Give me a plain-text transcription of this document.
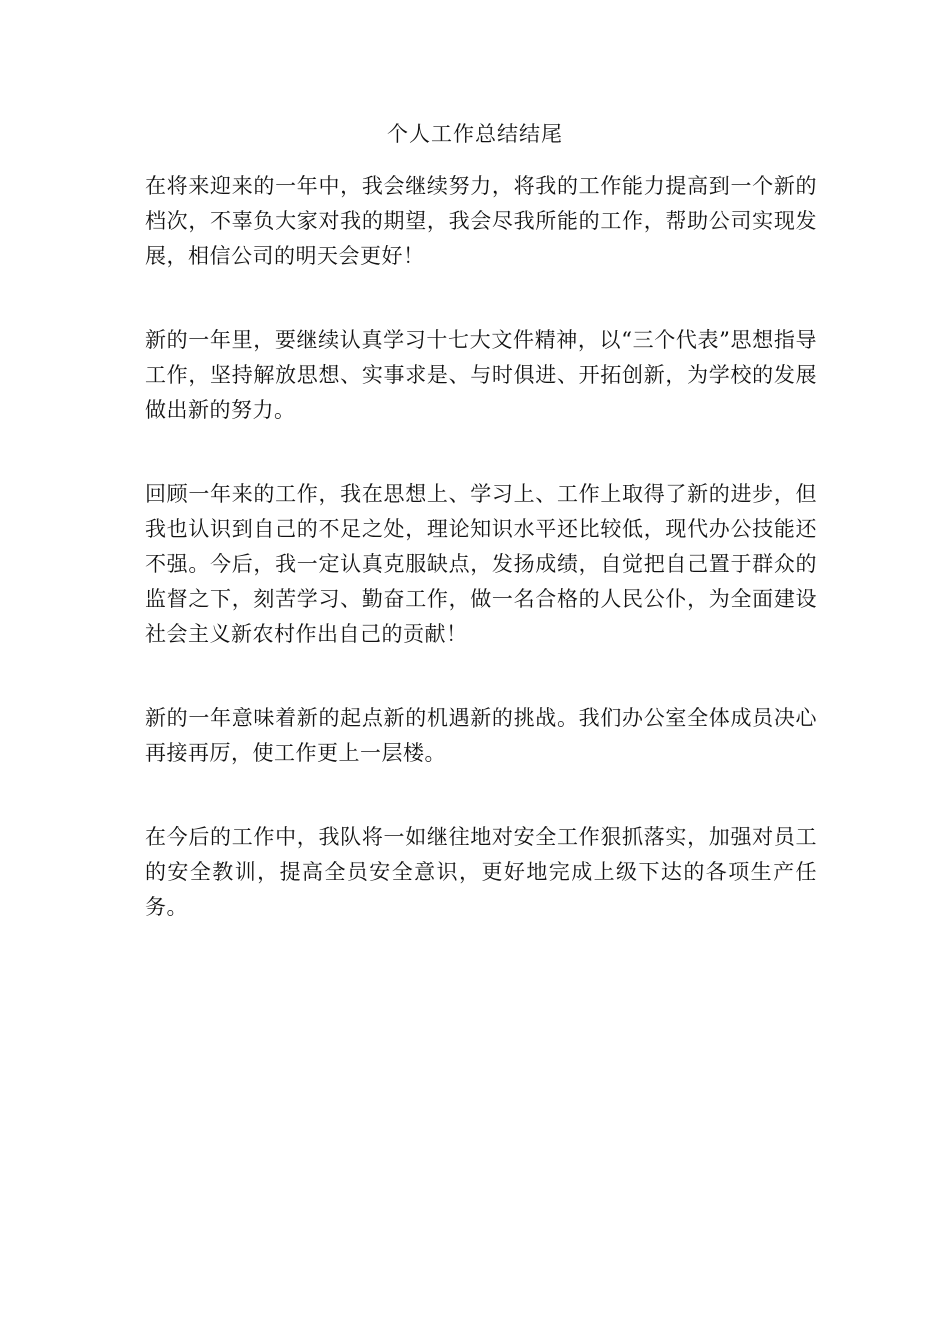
个人工作总结结尾

在将来迎来的一年中，我会继续努力，将我的工作能力提高到一个新的档次，不辜负大家对我的期望，我会尽我所能的工作，帮助公司实现发展，相信公司的明天会更好！

新的一年里，要继续认真学习十七大文件精神，以“三个代表”思想指导工作，坚持解放思想、实事求是、与时俱进、开拓创新，为学校的发展做出新的努力。

回顾一年来的工作，我在思想上、学习上、工作上取得了新的进步，但我也认识到自己的不足之处，理论知识水平还比较低，现代办公技能还不强。今后，我一定认真克服缺点，发扬成绩，自觉把自己置于群众的监督之下，刻苦学习、勤奋工作，做一名合格的人民公仆，为全面建设社会主义新农村作出自己的贡献！

新的一年意味着新的起点新的机遇新的挑战。我们办公室全体成员决心再接再厉，使工作更上一层楼。

在今后的工作中，我队将一如继往地对安全工作狠抓落实，加强对员工的安全教训，提高全员安全意识，更好地完成上级下达的各项生产任务。
